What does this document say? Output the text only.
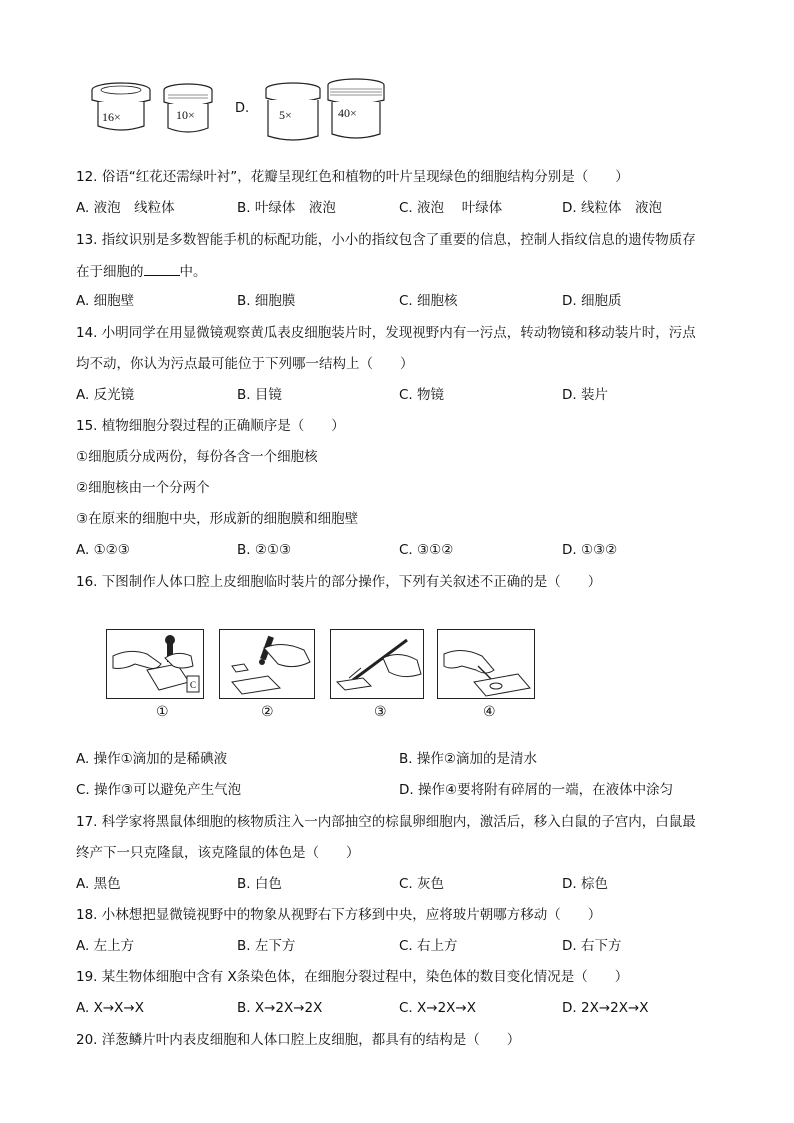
16×	10×	D. 5×	40×
12. 俗语“红花还需绿叶衬”，花瓣呈现红色和植物的叶片呈现绿色的细胞结构分别是（　　）
A. 液泡　线粒体	B. 叶绿体　液泡	C. 液泡　 叶绿体	D. 线粒体　液泡
13. 指纹识别是多数智能手机的标配功能，小小的指纹包含了重要的信息，控制人指纹信息的遗传物质存
在于细胞的	中。
A. 细胞壁	B. 细胞膜	C. 细胞核	D. 细胞质
14. 小明同学在用显微镜观察黄瓜表皮细胞装片时，发现视野内有一污点，转动物镜和移动装片时，污点
均不动，你认为污点最可能位于下列哪一结构上（　　）
A. 反光镜	B. 目镜	C. 物镜	D. 装片
15. 植物细胞分裂过程的正确顺序是（　　）
①细胞质分成两份，每份各含一个细胞核
②细胞核由一个分两个
③在原来的细胞中央，形成新的细胞膜和细胞壁
A. ①②③	B. ②①③	C. ③①②	D. ①③②
16. 下图制作人体口腔上皮细胞临时装片的部分操作，下列有关叙述不正确的是（　　）
C
①	②	③	④
A. 操作①滴加的是稀碘液	B. 操作②滴加的是清水
C. 操作③可以避免产生气泡	D. 操作④要将附有碎屑的一端，在液体中涂匀
17. 科学家将黑鼠体细胞的核物质注入一内部抽空的棕鼠卵细胞内，激活后，移入白鼠的子宫内，白鼠最
终产下一只克隆鼠，该克隆鼠的体色是（　　）
A. 黑色	B. 白色	C. 灰色	D. 棕色
18. 小林想把显微镜视野中的物象从视野右下方移到中央，应将玻片朝哪方移动（　　）
A. 左上方	B. 左下方	C. 右上方	D. 右下方
19. 某生物体细胞中含有 X条染色体，在细胞分裂过程中，染色体的数目变化情况是（　　）
A. X→X→X	B. X→2X→2X	C. X→2X→X	D. 2X→2X→X
20. 洋葱鳞片叶内表皮细胞和人体口腔上皮细胞，都具有的结构是（　　）
